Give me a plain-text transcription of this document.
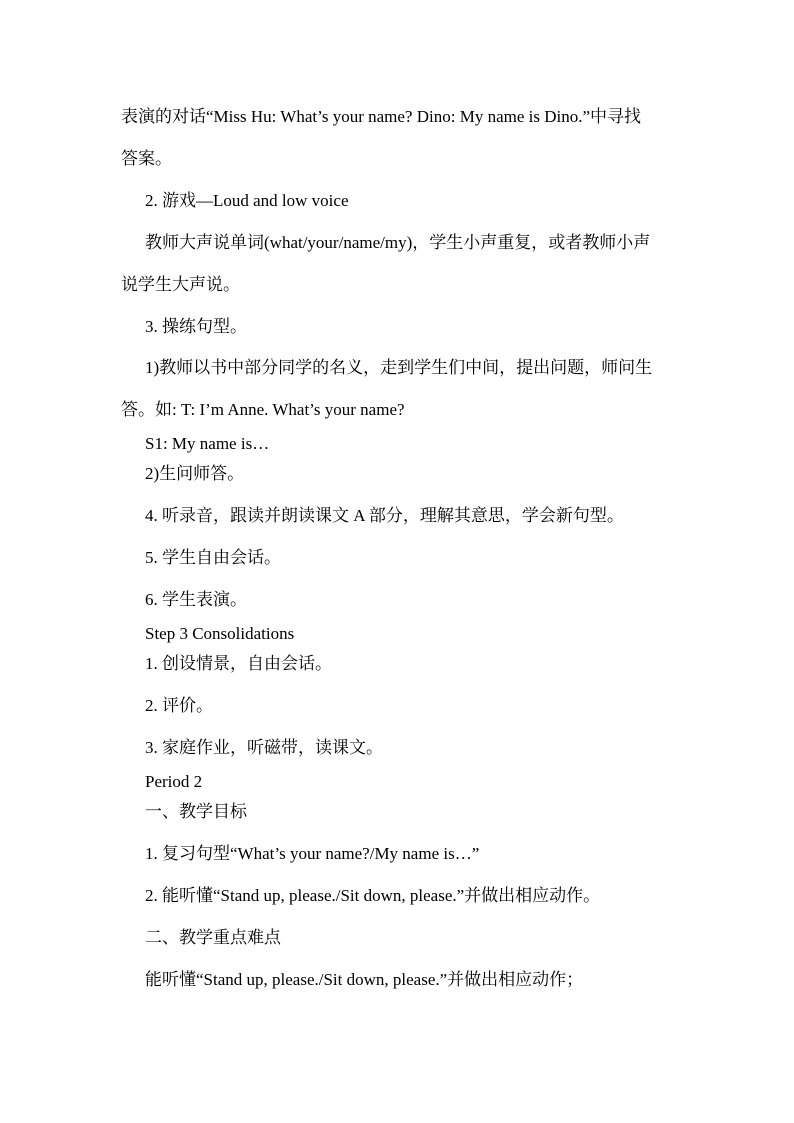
表演的对话“Miss Hu: What’s your name? Dino: My name is Dino.”中寻找
答案。
2. 游戏—Loud and low voice
教师大声说单词(what/your/name/my)，学生小声重复，或者教师小声
说学生大声说。
3. 操练句型。
1)教师以书中部分同学的名义，走到学生们中间，提出问题，师问生
答。如: T: I’m Anne. What’s your name?
S1: My name is…
2)生问师答。
4. 听录音，跟读并朗读课文 A 部分，理解其意思，学会新句型。
5. 学生自由会话。
6. 学生表演。
Step 3 Consolidations
1. 创设情景，自由会话。
2. 评价。
3. 家庭作业，听磁带，读课文。
Period 2
一、教学目标
1. 复习句型“What’s your name?/My name is…”
2. 能听懂“Stand up, please./Sit down, please.”并做出相应动作。
二、教学重点难点
能听懂“Stand up, please./Sit down, please.”并做出相应动作；
